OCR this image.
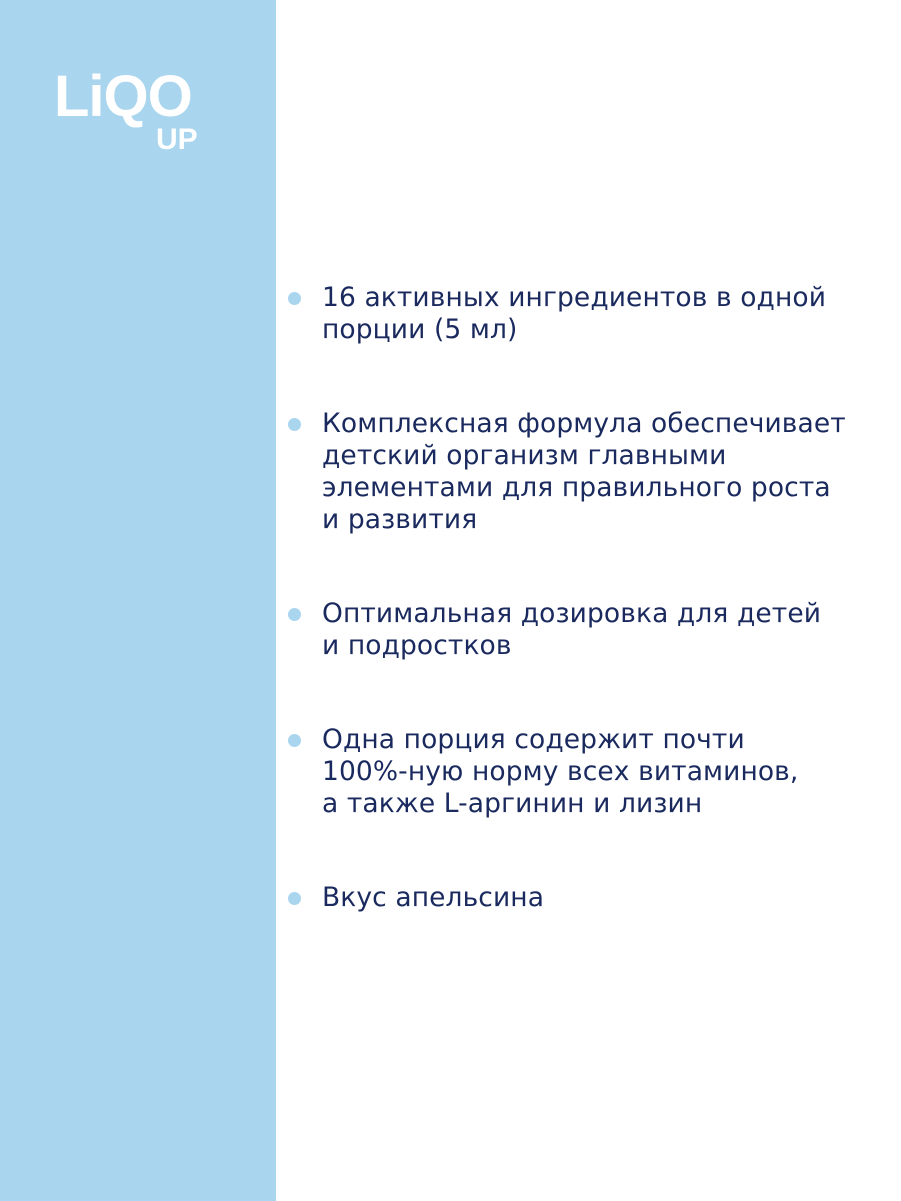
LiQO
UP
16 активных ингредиентов в одной
порции (5 мл)
Комплексная формула обеспечивает
детский организм главными
элементами для правильного роста
и развития
Оптимальная дозировка для детей
и подростков
Одна порция содержит почти
100%-ную норму всех витаминов,
а также L-аргинин и лизин
Вкус апельсина
